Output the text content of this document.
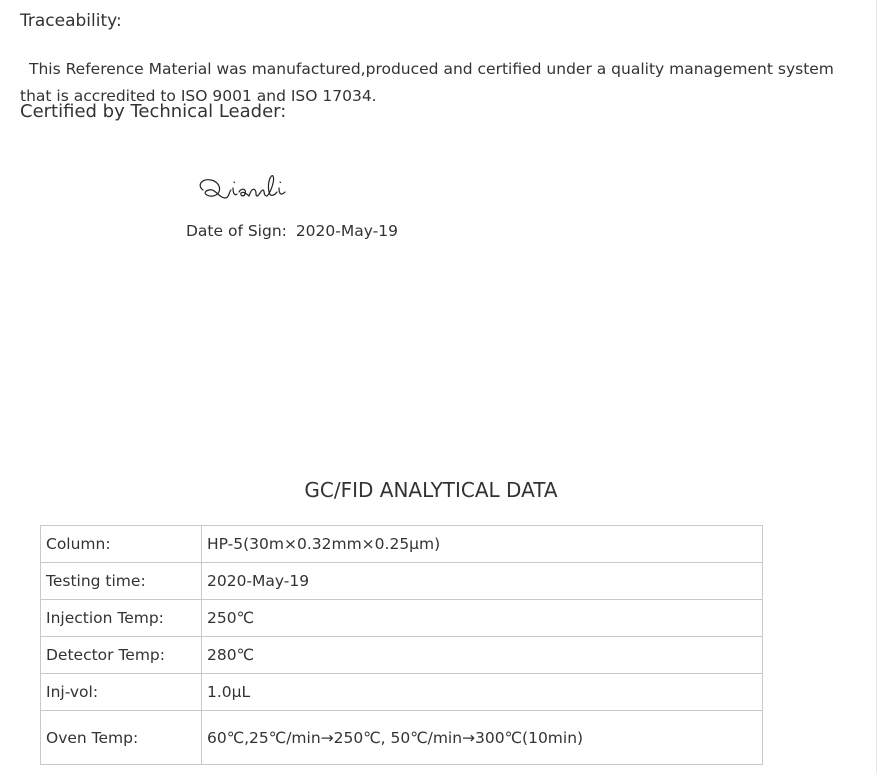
Traceability:
This Reference Material was manufactured,produced and certified under a quality management system
that is accredited to ISO 9001 and ISO 17034.
Certified by Technical Leader:
Date of Sign: 2020-May-19
GC/FID ANALYTICAL DATA
Column:	HP-5(30m×0.32mm×0.25μm)
Testing time:	2020-May-19
Injection Temp:	250℃
Detector Temp:	280℃
Inj-vol:	1.0μL
Oven Temp:	60℃,25℃/min→250℃, 50℃/min→300℃(10min)
